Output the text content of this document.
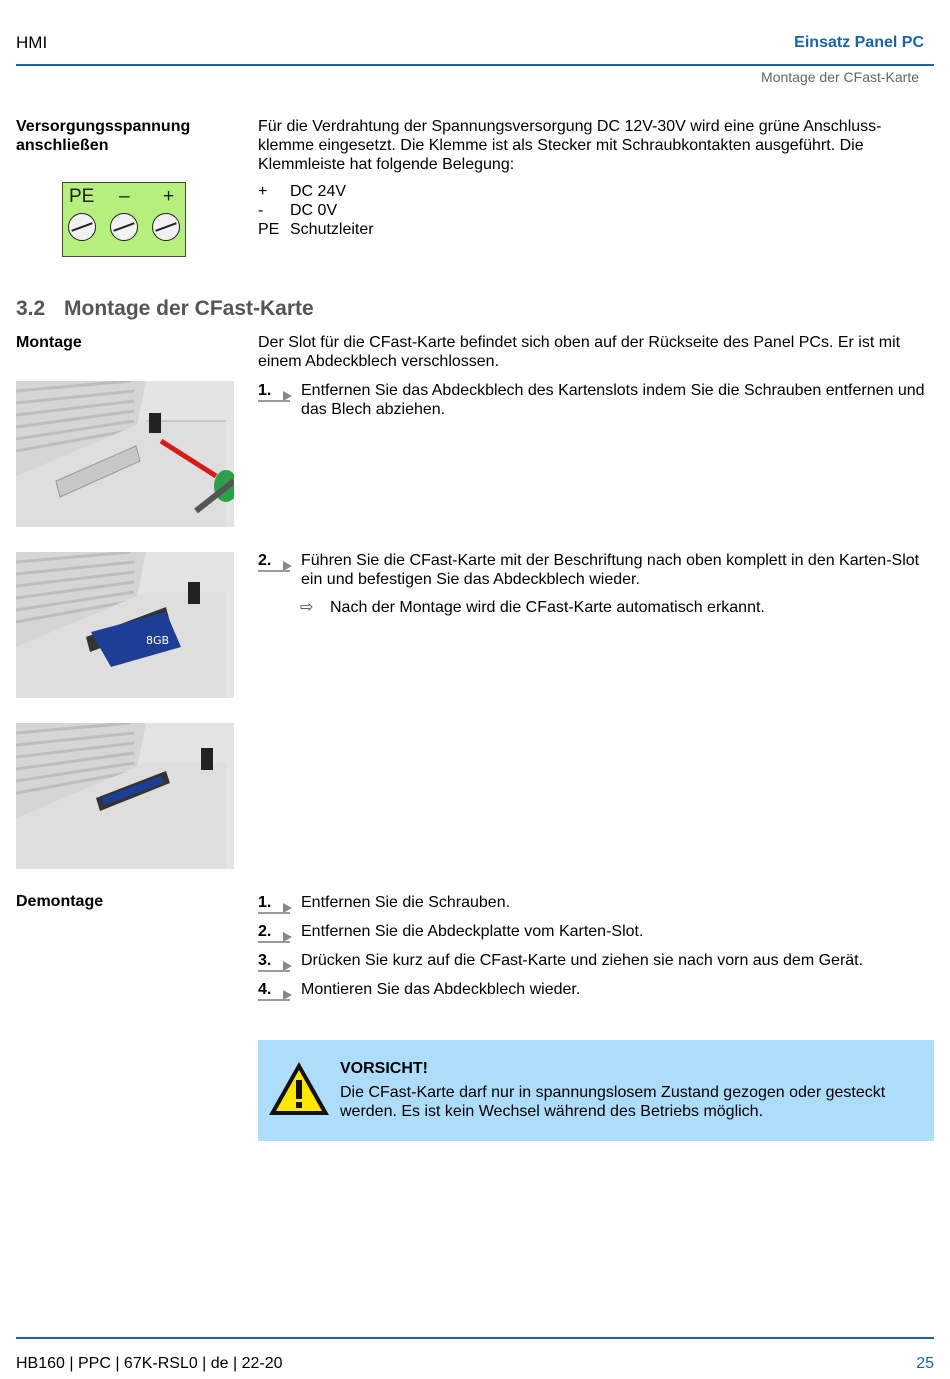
HMI	Einsatz Panel PC
Montage der CFast-Karte
Versorgungsspannung
anschließen
Für die Verdrahtung der Spannungsversorgung DC 12V-30V wird eine grüne Anschluss-klemme eingesetzt. Die Klemme ist als Stecker mit Schraubkontakten ausgeführt. Die Klemmleiste hat folgende Belegung:
PE – +	+	DC 24V
-	DC 0V
PE Schutzleiter
3.2 Montage der CFast-Karte
Montage	Der Slot für die CFast-Karte befindet sich oben auf der Rückseite des Panel PCs. Er ist mit einem Abdeckblech verschlossen.
1.	Entfernen Sie das Abdeckblech des Kartenslots indem Sie die Schrauben entfernen und das Blech abziehen.
8GB
2.	Führen Sie die CFast-Karte mit der Beschriftung nach oben komplett in den Karten-Slot ein und befestigen Sie das Abdeckblech wieder.
⇨	Nach der Montage wird die CFast-Karte automatisch erkannt.
Demontage	1.	Entfernen Sie die Schrauben.
2.	Entfernen Sie die Abdeckplatte vom Karten-Slot.
3.	Drücken Sie kurz auf die CFast-Karte und ziehen sie nach vorn aus dem Gerät.
4.	Montieren Sie das Abdeckblech wieder.
VORSICHT!
Die CFast-Karte darf nur in spannungslosem Zustand gezogen oder gesteckt werden. Es ist kein Wechsel während des Betriebs möglich.
HB160 | PPC | 67K-RSL0 | de | 22-20	25
